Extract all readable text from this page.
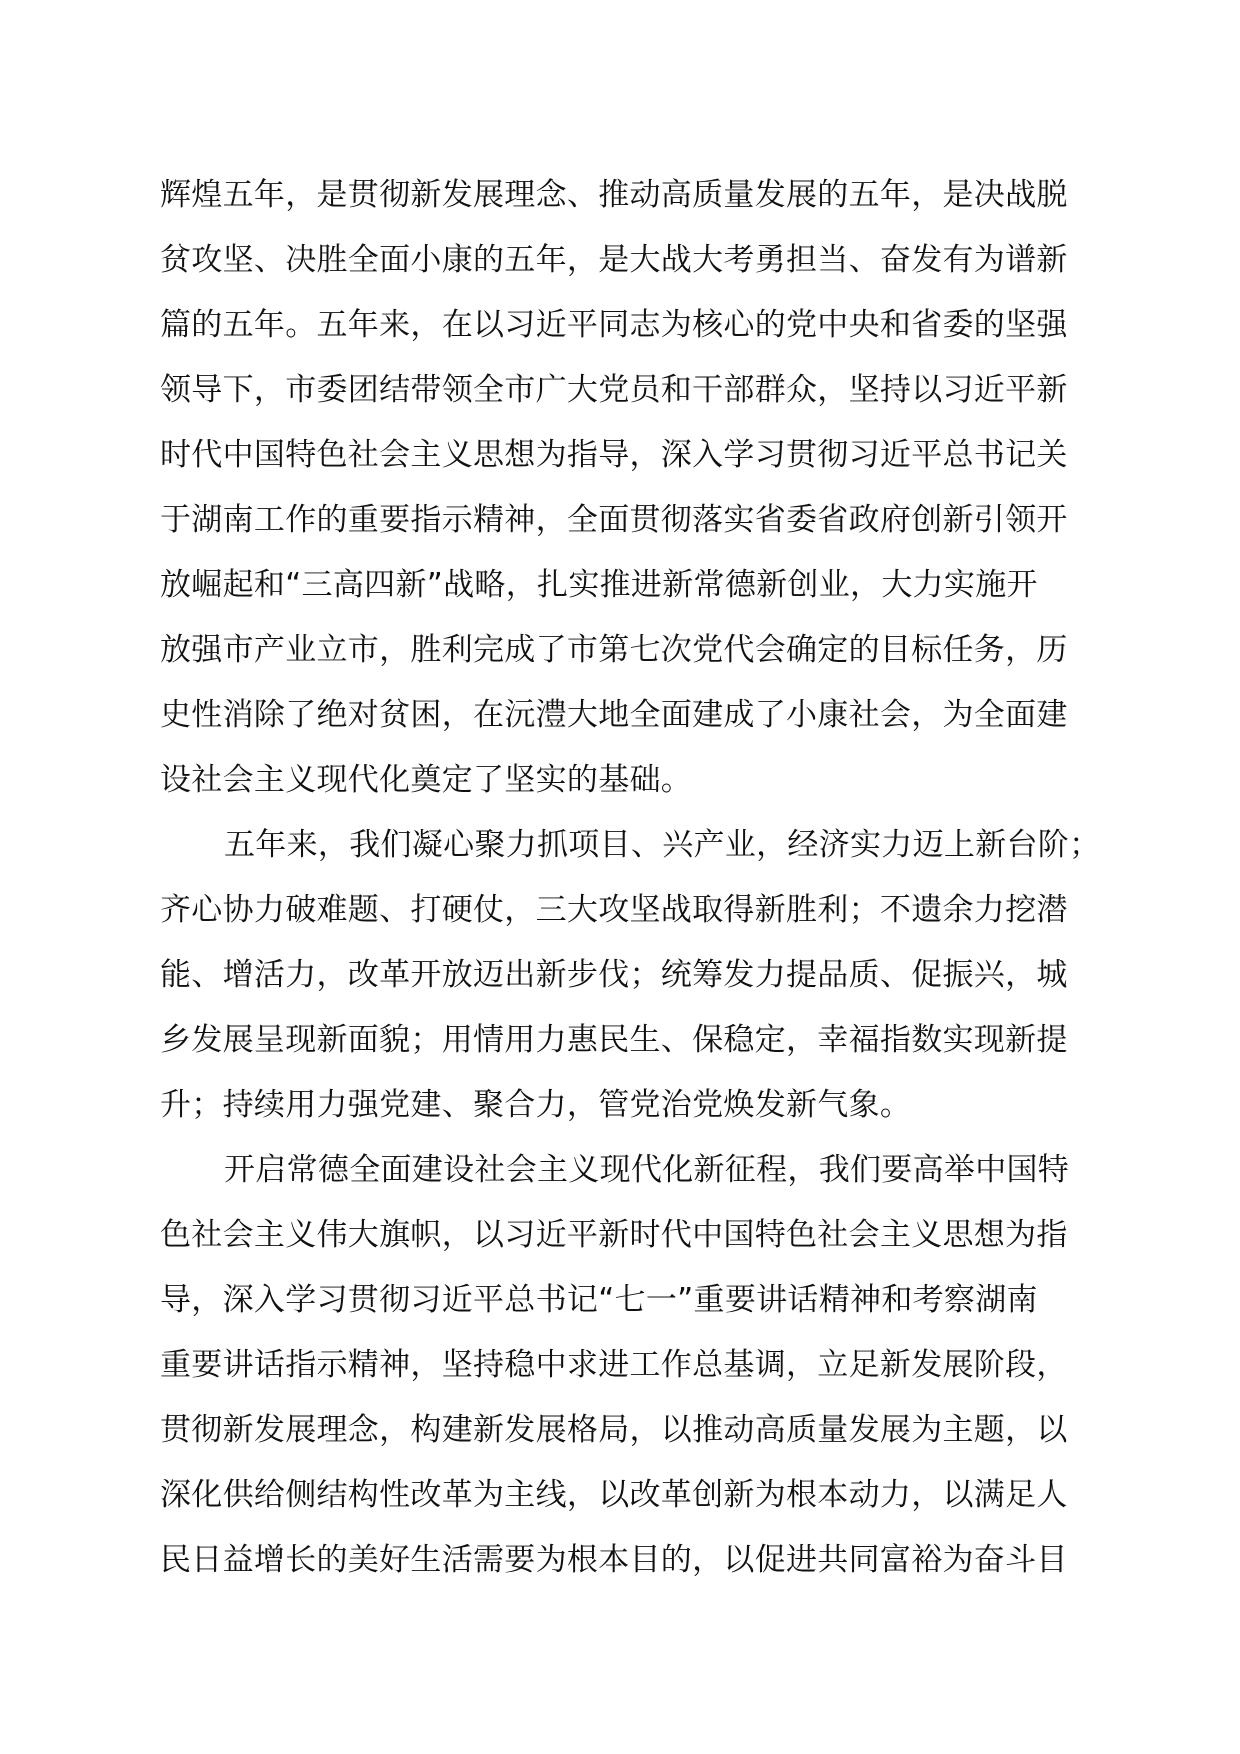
辉煌五年，是贯彻新发展理念、推动高质量发展的五年，是决战脱
贫攻坚、决胜全面小康的五年，是大战大考勇担当、奋发有为谱新
篇的五年。五年来，在以习近平同志为核心的党中央和省委的坚强
领导下，市委团结带领全市广大党员和干部群众，坚持以习近平新
时代中国特色社会主义思想为指导，深入学习贯彻习近平总书记关
于湖南工作的重要指示精神，全面贯彻落实省委省政府创新引领开
放崛起和“三高四新”战略，扎实推进新常德新创业，大力实施开
放强市产业立市，胜利完成了市第七次党代会确定的目标任务，历
史性消除了绝对贫困，在沅澧大地全面建成了小康社会，为全面建
设社会主义现代化奠定了坚实的基础。
五年来，我们凝心聚力抓项目、兴产业，经济实力迈上新台阶；
齐心协力破难题、打硬仗，三大攻坚战取得新胜利；不遗余力挖潜
能、增活力，改革开放迈出新步伐；统筹发力提品质、促振兴，城
乡发展呈现新面貌；用情用力惠民生、保稳定，幸福指数实现新提
升；持续用力强党建、聚合力，管党治党焕发新气象。
开启常德全面建设社会主义现代化新征程，我们要高举中国特
色社会主义伟大旗帜，以习近平新时代中国特色社会主义思想为指
导，深入学习贯彻习近平总书记“七一”重要讲话精神和考察湖南
重要讲话指示精神，坚持稳中求进工作总基调，立足新发展阶段，
贯彻新发展理念，构建新发展格局，以推动高质量发展为主题，以
深化供给侧结构性改革为主线，以改革创新为根本动力，以满足人
民日益增长的美好生活需要为根本目的，以促进共同富裕为奋斗目
